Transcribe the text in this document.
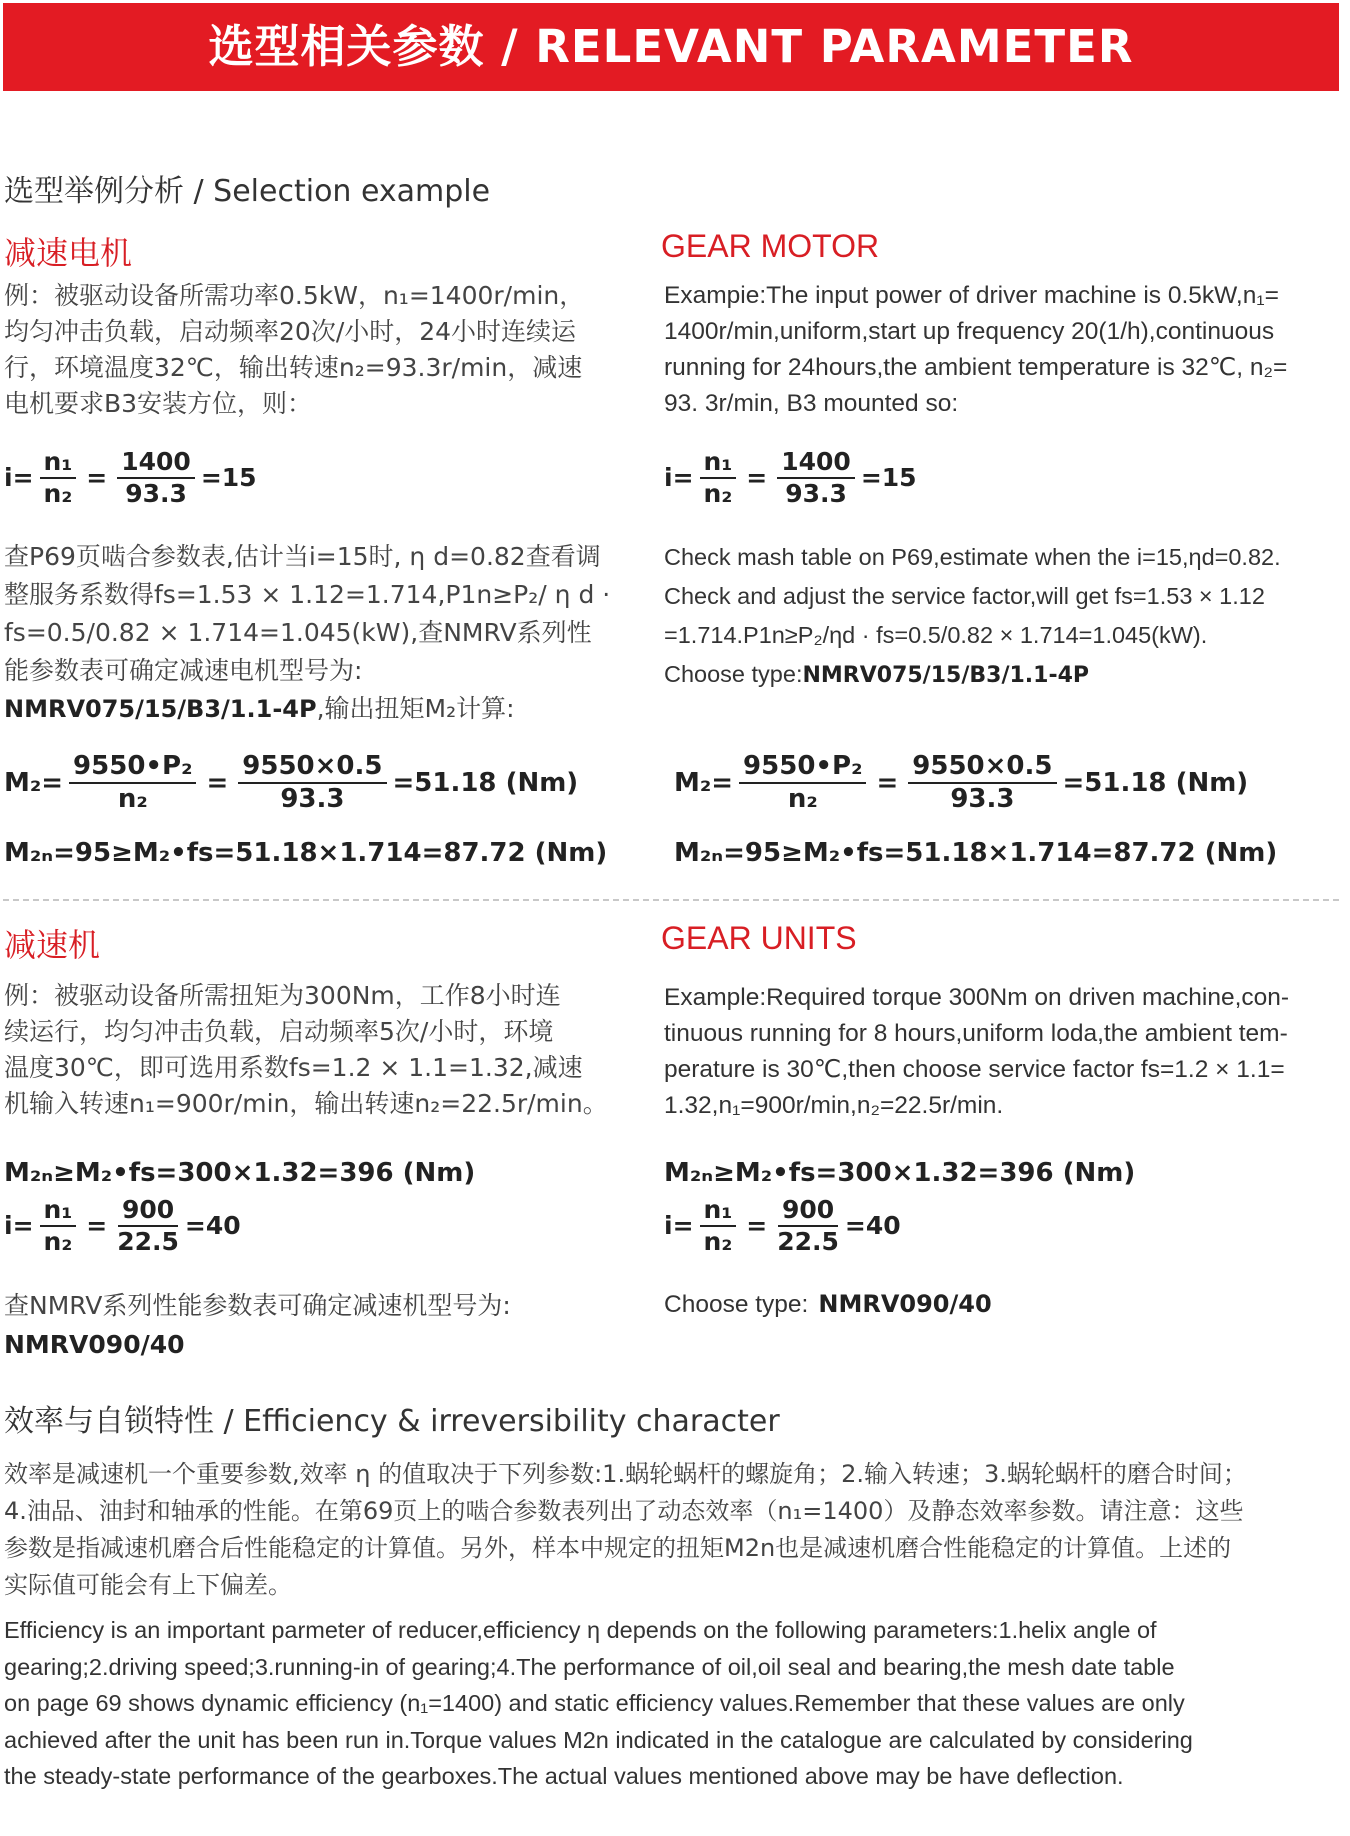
选型相关参数 / RELEVANT PARAMETER
选型举例分析 / Selection example
减速电机
例：被驱动设备所需功率0.5kW，n₁=1400r/min，
均匀冲击负载，启动频率20次/小时，24小时连续运
行，环境温度32℃，输出转速n₂=93.3r/min，减速
电机要求B3安装方位，则：
GEAR MOTOR
Exampie:The input power of driver machine is 0.5kW,n₁=
1400r/min,uniform,start up frequency 20(1/h),continuous
running for 24hours,the ambient temperature is 32℃, n₂=
93. 3r/min, B3 mounted so:
$i= \frac{\text{n₁}}{\text{n₂}} = \frac{1400}{93.3} =15$	$i= \frac{\text{n₁}}{\text{n₂}} = \frac{1400}{93.3} =15$
查P69页啮合参数表,估计当i=15时, η d=0.82查看调
整服务系数得fs=1.53 × 1.12=1.714,P1n≥P₂/ η d ·
fs=0.5/0.82 × 1.714=1.045(kW),查NMRV系列性
能参数表可确定减速电机型号为:
NMRV075/15/B3/1.1-4P,输出扭矩M₂计算:
Check mash table on P69,estimate when the i=15,ηd=0.82.
Check and adjust the service factor,will get fs=1.53 × 1.12
=1.714.P1n≥P₂/ηd · fs=0.5/0.82 × 1.714=1.045(kW).
Choose type:NMRV075/15/B3/1.1-4P
$M_2= \frac{\text{9550•P₂}}{\text{n₂}} = \frac{9550\times 0.5}{93.3} =51.18$ (Nm)	$M_2= \frac{\text{9550•P₂}}{\text{n₂}} = \frac{9550\times 0.5}{93.3} =51.18$ (Nm)
M₂ₙ=95≥M₂•fs=51.18×1.714=87.72 (Nm)	M₂ₙ=95≥M₂•fs=51.18×1.714=87.72 (Nm)
减速机
例：被驱动设备所需扭矩为300Nm，工作8小时连
续运行，均匀冲击负载，启动频率5次/小时，环境
温度30℃，即可选用系数fs=1.2 × 1.1=1.32,减速
机输入转速n₁=900r/min，输出转速n₂=22.5r/min。
GEAR UNITS
Example:Required torque 300Nm on driven machine,con-
tinuous running for 8 hours,uniform loda,the ambient tem-
perature is 30℃,then choose service factor fs=1.2 × 1.1=
1.32,n₁=900r/min,n₂=22.5r/min.
M₂ₙ≥M₂•fs=300×1.32=396 (Nm)	M₂ₙ≥M₂•fs=300×1.32=396 (Nm)
$i= \frac{\text{n₁}}{\text{n₂}} = \frac{900}{22.5} =40$	$i= \frac{\text{n₁}}{\text{n₂}} = \frac{900}{22.5} =40$
查NMRV系列性能参数表可确定减速机型号为:
NMRV090/40
Choose type: NMRV090/40
效率与自锁特性 / Efficiency & irreversibility character
效率是减速机一个重要参数,效率 η 的值取决于下列参数:1.蜗轮蜗杆的螺旋角；2.输入转速；3.蜗轮蜗杆的磨合时间；
4.油品、油封和轴承的性能。在第69页上的啮合参数表列出了动态效率（n₁=1400）及静态效率参数。请注意：这些
参数是指减速机磨合后性能稳定的计算值。另外，样本中规定的扭矩M2n也是减速机磨合性能稳定的计算值。上述的
实际值可能会有上下偏差。
Efficiency is an important parmeter of reducer,efficiency η depends on the following parameters:1.helix angle of
gearing;2.driving speed;3.running-in of gearing;4.The performance of oil,oil seal and bearing,the mesh date table
on page 69 shows dynamic efficiency (n₁=1400) and static efficiency values.Remember that these values are only
achieved after the unit has been run in.Torque values M2n indicated in the catalogue are calculated by considering
the steady-state performance of the gearboxes.The actual values mentioned above may be have deflection.
